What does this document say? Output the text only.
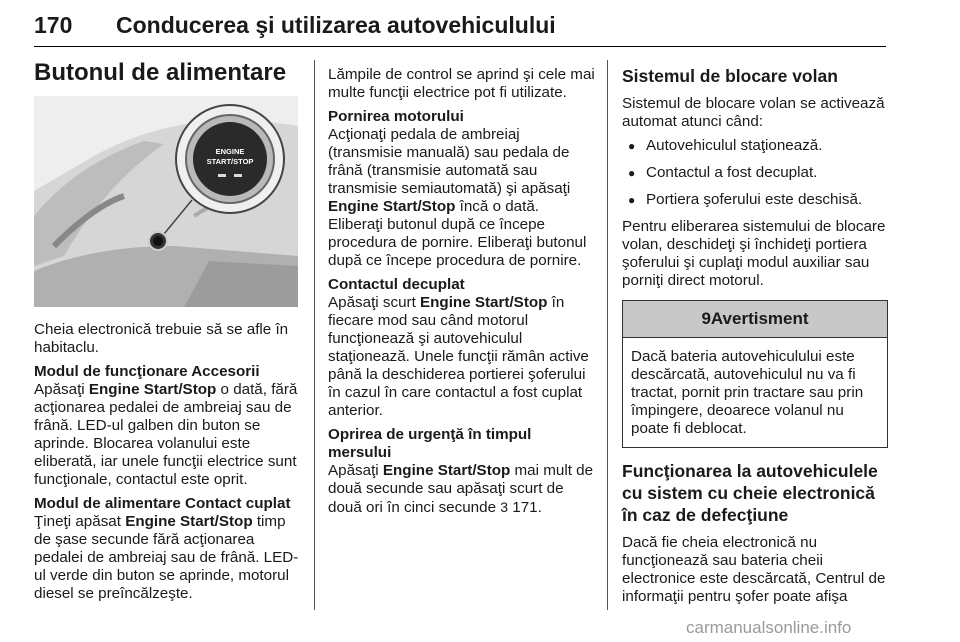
170 Conducerea şi utilizarea autovehiculului
Butonul de alimentare
ENGINE
START/STOP

Cheia electronică trebuie să se afle în habitaclu.

Modul de funcţionare Accesorii

Apăsaţi Engine Start/Stop o dată, fără acţionarea pedalei de ambreiaj sau de frână. LED-ul galben din buton se aprinde. Blocarea volanului este eliberată, iar unele funcţii electrice sunt funcţionale, contactul este oprit.

Modul de alimentare Contact cuplat

Ţineţi apăsat Engine Start/Stop timp de şase secunde fără acţionarea pedalei de ambreiaj sau de frână. LED-ul verde din buton se aprinde, motorul diesel se preîncălzeşte.

Lămpile de control se aprind şi cele mai multe funcţii electrice pot fi utilizate.

Pornirea motorului

Acţionaţi pedala de ambreiaj (transmisie manuală) sau pedala de frână (transmisie automată sau transmisie semiautomată) şi apăsaţi Engine Start/Stop încă o dată. Eliberaţi butonul după ce începe procedura de pornire. Eliberaţi butonul după ce începe procedura de pornire.

Contactul decuplat

Apăsaţi scurt Engine Start/Stop în fiecare mod sau când motorul funcţionează şi autovehiculul staţionează. Unele funcţii rămân active până la deschiderea portierei şoferului în cazul în care contactul a fost cuplat anterior.

Oprirea de urgenţă în timpul mersului

Apăsaţi Engine Start/Stop mai mult de două secunde sau apăsaţi scurt de două ori în cinci secunde 3 171.

Sistemul de blocare volan

Sistemul de blocare volan se activează automat atunci când:

● Autovehiculul staţionează.
● Contactul a fost decuplat.
● Portiera şoferului este deschisă.

Pentru eliberarea sistemului de blocare volan, deschideţi şi închideţi portiera şoferului şi cuplaţi modul auxiliar sau porniţi direct motorul.

9 Avertisment
Dacă bateria autovehiculului este descărcată, autovehiculul nu va fi tractat, pornit prin tractare sau prin împingere, deoarece volanul nu poate fi deblocat.
Funcţionarea la autovehiculele cu sistem cu cheie electronică în caz de defecţiune

Dacă fie cheia electronică nu funcţionează sau bateria cheii electronice este descărcată, Centrul de informaţii pentru şofer poate afişa

carmanualsonline.info
